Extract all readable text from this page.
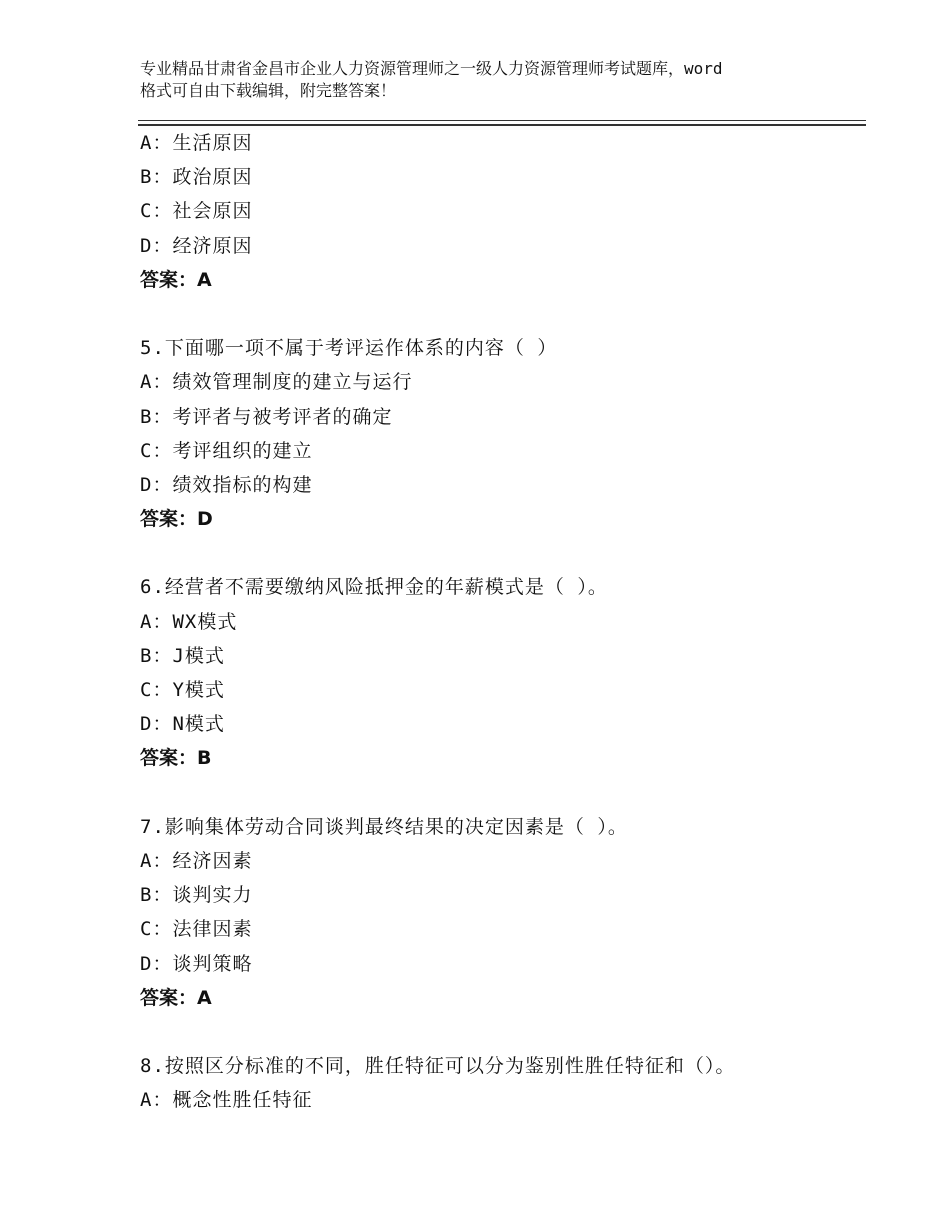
专业精品甘肃省金昌市企业人力资源管理师之一级人力资源管理师考试题库，word

格式可自由下载编辑，附完整答案！

A：生活原因
B：政治原因
C：社会原因
D：经济原因
答案：A
5.下面哪一项不属于考评运作体系的内容（ ）
A：绩效管理制度的建立与运行
B：考评者与被考评者的确定
C：考评组织的建立
D：绩效指标的构建
答案：D
6.经营者不需要缴纳风险抵押金的年薪模式是（ ）。
A：WX模式
B：J模式
C：Y模式
D：N模式
答案：B
7.影响集体劳动合同谈判最终结果的决定因素是（ ）。
A：经济因素
B：谈判实力
C：法律因素
D：谈判策略
答案：A
8.按照区分标准的不同，胜任特征可以分为鉴别性胜任特征和（）。
A：概念性胜任特征
